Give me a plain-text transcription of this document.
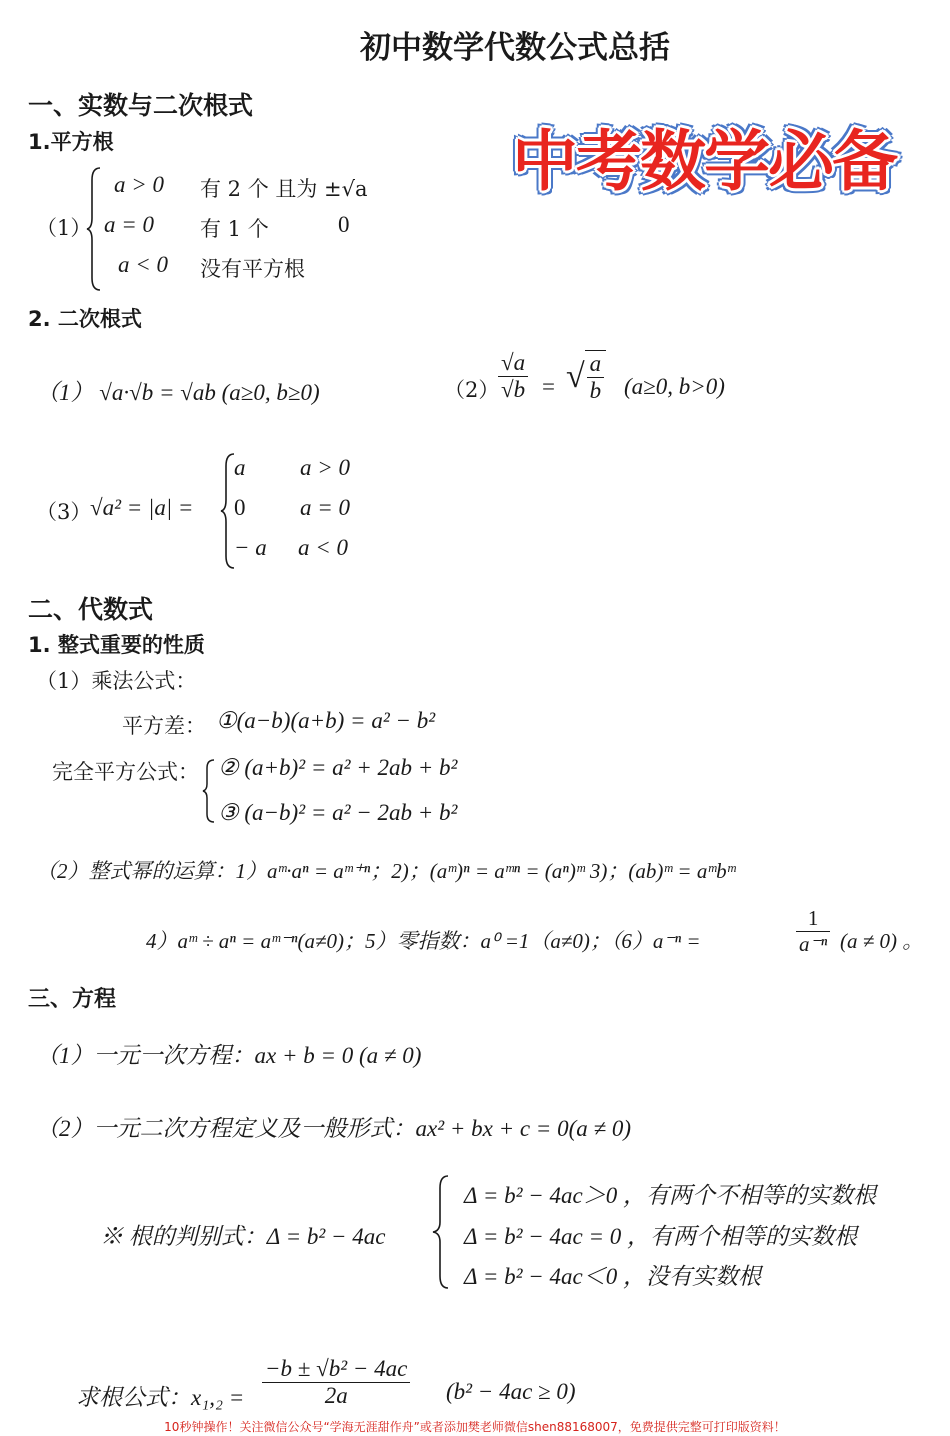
初中数学代数公式总括
中考数学必备
一、实数与二次根式
1.平方根
（1）
a > 0 有 2 个 且为 ±√a
a = 0 有 1 个	0
a < 0 没有平方根
2. 二次根式
（1） √a·√b = √ab (a≥0, b≥0)	（2）
$\frac{√a}{√b}$ = √ $\frac{a}{b} (a\ge 0$, b>0)
（3）
√a² = |a| =
a a > 0
0 a = 0
− a a < 0
二、代数式
1. 整式重要的性质
（1）乘法公式：
平方差： ①(a−b)(a+b) = a² − b²
完全平方公式： ② (a+b)² = a² + 2ab + b²
③ (a−b)² = a² − 2ab + b²
（2）整式幂的运算：1）aᵐ·aⁿ = aᵐ⁺ⁿ；2)；(aᵐ)ⁿ = aᵐⁿ = (aⁿ)ᵐ 3)；(ab)ᵐ = aᵐbᵐ
4）aᵐ ÷ aⁿ = aᵐ⁻ⁿ(a≠0)；5）零指数：a⁰ =1（a≠0)；（6）a⁻ⁿ =	$\frac{1}{\text{a⁻ⁿ}} (a \ne 0)$ 。
三、方程
（1）一元一次方程：ax + b = 0 (a ≠ 0)
（2）一元二次方程定义及一般形式：ax² + bx + c = 0(a ≠ 0)
※ 根的判别式：Δ = b² − 4ac
Δ = b² − 4ac＞0 ，有两个不相等的实数根
Δ = b² − 4ac = 0 ，有两个相等的实数根
Δ = b² − 4ac＜0 ，没有实数根
求根公式：$x_1,_2 = \frac{\text{−b ± √b² − 4ac}}{2a} (b^2 - 4ac \ge 0)$
10秒钟操作！关注微信公众号“学海无涯甜作舟”或者添加樊老师微信shen88168007，免费提供完整可打印版资料！
